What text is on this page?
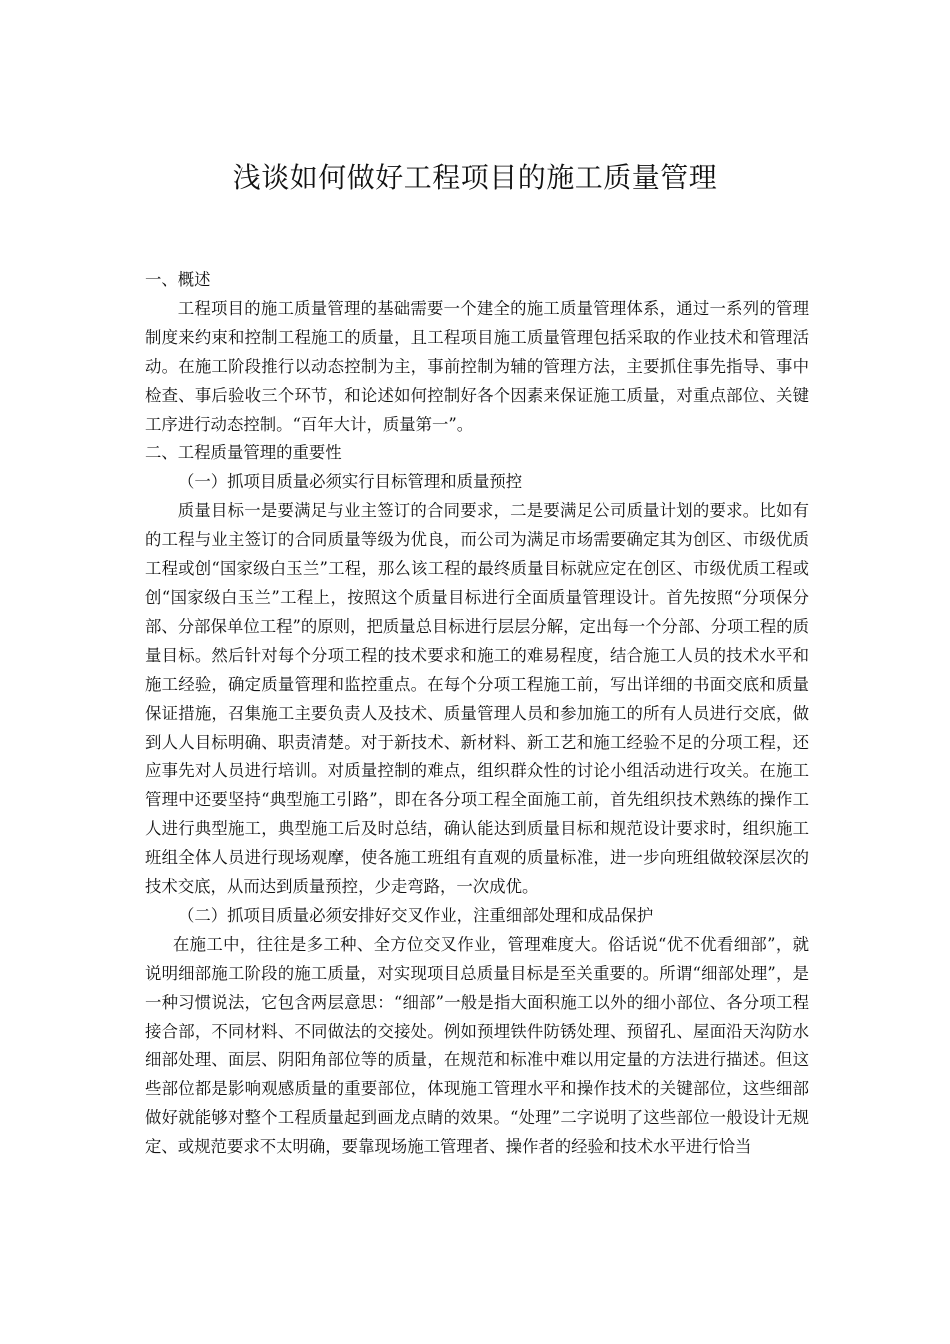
浅谈如何做好工程项目的施工质量管理

一、概述

工程项目的施工质量管理的基础需要一个建全的施工质量管理体系，通过一系列的管理制度来约束和控制工程施工的质量，且工程项目施工质量管理包括采取的作业技术和管理活动。在施工阶段推行以动态控制为主，事前控制为辅的管理方法，主要抓住事先指导、事中检查、事后验收三个环节，和论述如何控制好各个因素来保证施工质量，对重点部位、关键工序进行动态控制。“百年大计，质量第一”。

二、工程质量管理的重要性

（一）抓项目质量必须实行目标管理和质量预控

质量目标一是要满足与业主签订的合同要求，二是要满足公司质量计划的要求。比如有的工程与业主签订的合同质量等级为优良，而公司为满足市场需要确定其为创区、市级优质工程或创“国家级白玉兰”工程，那么该工程的最终质量目标就应定在创区、市级优质工程或创“国家级白玉兰”工程上，按照这个质量目标进行全面质量管理设计。首先按照“分项保分部、分部保单位工程”的原则，把质量总目标进行层层分解，定出每一个分部、分项工程的质量目标。然后针对每个分项工程的技术要求和施工的难易程度，结合施工人员的技术水平和施工经验，确定质量管理和监控重点。在每个分项工程施工前，写出详细的书面交底和质量保证措施，召集施工主要负责人及技术、质量管理人员和参加施工的所有人员进行交底，做到人人目标明确、职责清楚。对于新技术、新材料、新工艺和施工经验不足的分项工程，还应事先对人员进行培训。对质量控制的难点，组织群众性的讨论小组活动进行攻关。在施工管理中还要坚持“典型施工引路”，即在各分项工程全面施工前，首先组织技术熟练的操作工人进行典型施工，典型施工后及时总结，确认能达到质量目标和规范设计要求时，组织施工班组全体人员进行现场观摩，使各施工班组有直观的质量标准，进一步向班组做较深层次的技术交底，从而达到质量预控，少走弯路，一次成优。

（二）抓项目质量必须安排好交叉作业，注重细部处理和成品保护

在施工中，往往是多工种、全方位交叉作业，管理难度大。俗话说“优不优看细部”，就说明细部施工阶段的施工质量，对实现项目总质量目标是至关重要的。所谓“细部处理”，是一种习惯说法，它包含两层意思：“细部”一般是指大面积施工以外的细小部位、各分项工程接合部，不同材料、不同做法的交接处。例如预埋铁件防锈处理、预留孔、屋面沿天沟防水细部处理、面层、阴阳角部位等的质量，在规范和标准中难以用定量的方法进行描述。但这些部位都是影响观感质量的重要部位，体现施工管理水平和操作技术的关键部位，这些细部做好就能够对整个工程质量起到画龙点睛的效果。“处理”二字说明了这些部位一般设计无规定、或规范要求不太明确，要靠现场施工管理者、操作者的经验和技术水平进行恰当
